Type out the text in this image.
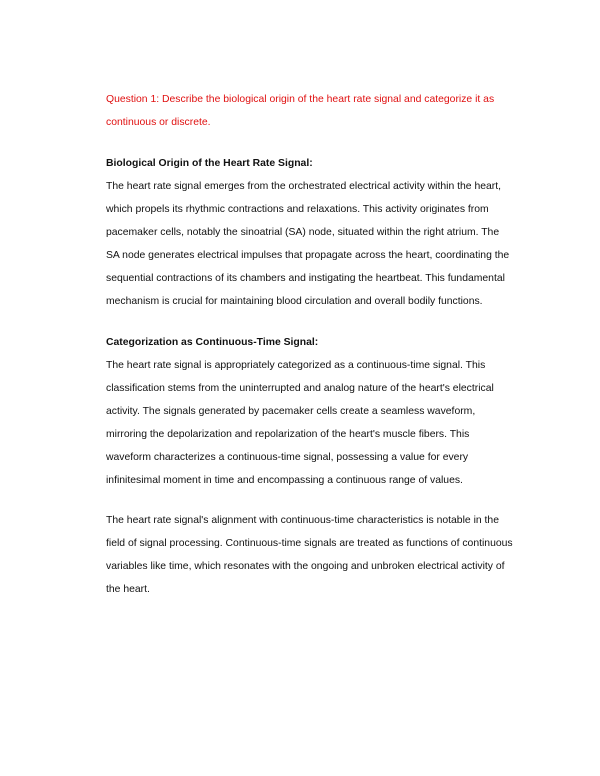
Question 1: Describe the biological origin of the heart rate signal and categorize it as
continuous or discrete.
Biological Origin of the Heart Rate Signal:
The heart rate signal emerges from the orchestrated electrical activity within the heart,
which propels its rhythmic contractions and relaxations. This activity originates from
pacemaker cells, notably the sinoatrial (SA) node, situated within the right atrium. The
SA node generates electrical impulses that propagate across the heart, coordinating the
sequential contractions of its chambers and instigating the heartbeat. This fundamental
mechanism is crucial for maintaining blood circulation and overall bodily functions.
Categorization as Continuous-Time Signal:
The heart rate signal is appropriately categorized as a continuous-time signal. This
classification stems from the uninterrupted and analog nature of the heart's electrical
activity. The signals generated by pacemaker cells create a seamless waveform,
mirroring the depolarization and repolarization of the heart's muscle fibers. This
waveform characterizes a continuous-time signal, possessing a value for every
infinitesimal moment in time and encompassing a continuous range of values.
The heart rate signal's alignment with continuous-time characteristics is notable in the
field of signal processing. Continuous-time signals are treated as functions of continuous
variables like time, which resonates with the ongoing and unbroken electrical activity of
the heart.
